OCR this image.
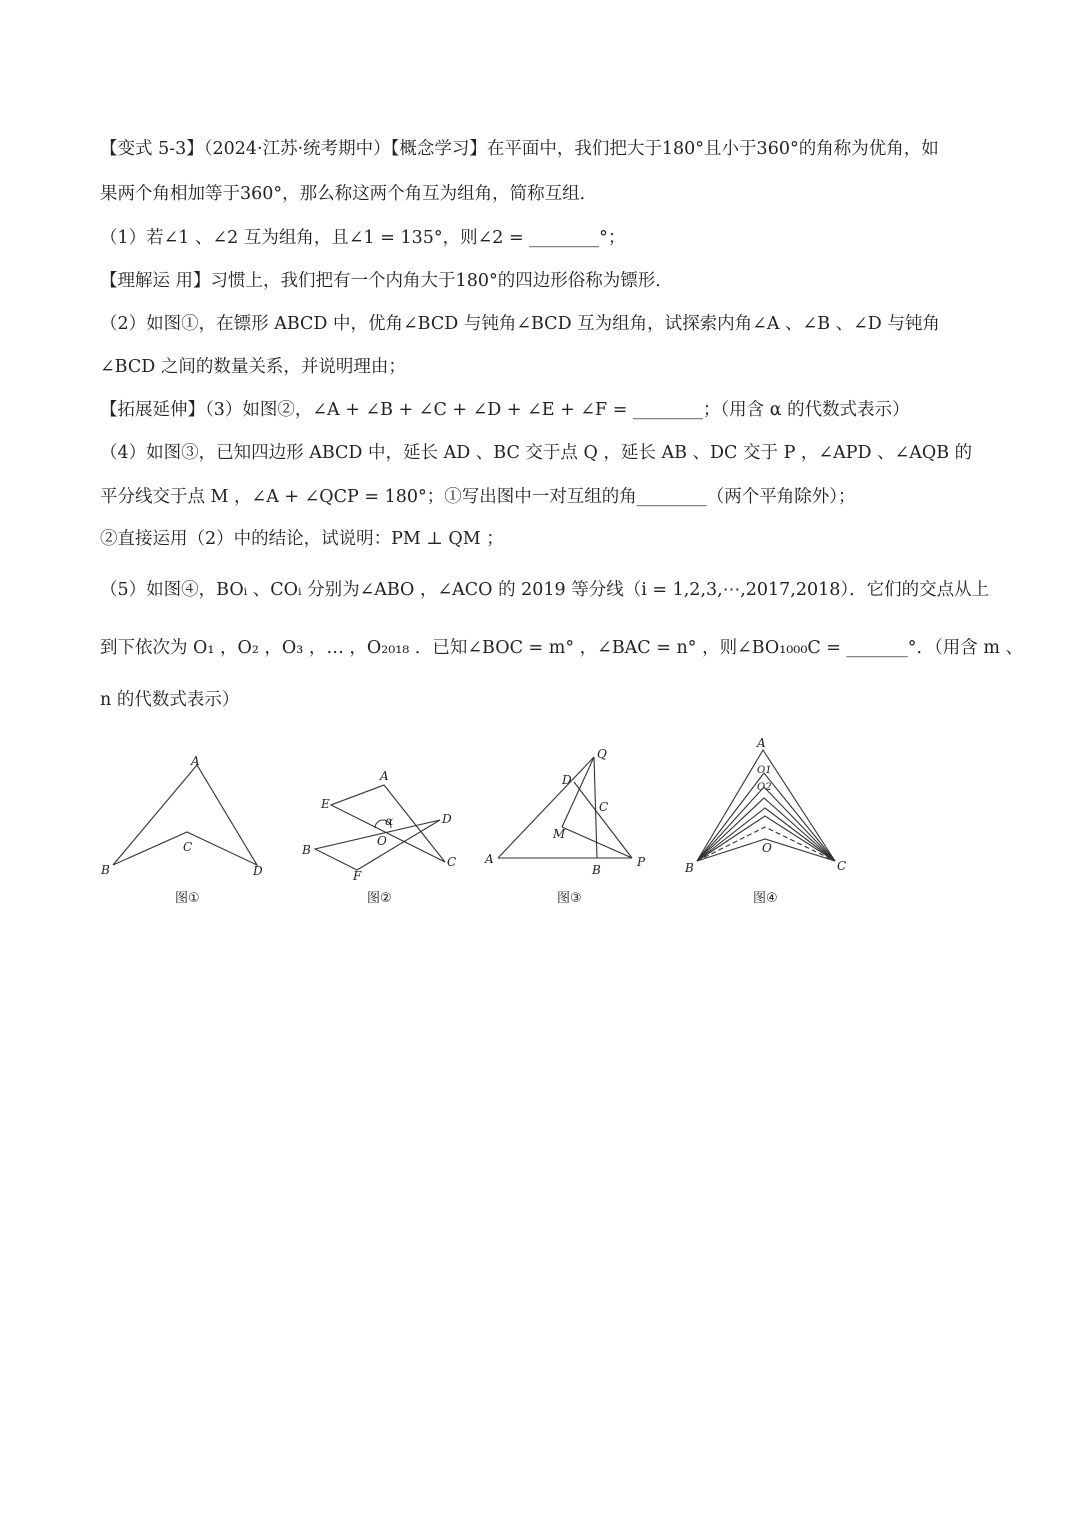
【变式 5-3】（2024·江苏·统考期中）【概念学习】在平面中，我们把大于180°且小于360°的角称为优角，如
果两个角相加等于360°，那么称这两个角互为组角，简称互组．
（1）若∠1 、∠2 互为组角，且∠1 = 135°，则∠2 = ________°；
【理解运 用】习惯上，我们把有一个内角大于180°的四边形俗称为镖形．
（2）如图①，在镖形 ABCD 中，优角∠BCD 与钝角∠BCD 互为组角，试探索内角∠A 、∠B 、∠D 与钝角
∠BCD 之间的数量关系，并说明理由；
【拓展延伸】（3）如图②，∠A + ∠B + ∠C + ∠D + ∠E + ∠F = ________；（用含 α 的代数式表示）
（4）如图③，已知四边形 ABCD 中，延长 AD 、BC 交于点 Q ，延长 AB 、DC 交于 P ，∠APD 、∠AQB 的
平分线交于点 M ，∠A + ∠QCP = 180°；①写出图中一对互组的角________（两个平角除外）；
②直接运用（2）中的结论，试说明：PM ⊥ QM ；
（5）如图④，BOᵢ 、COᵢ 分别为∠ABO ，∠ACO 的 2019 等分线（i = 1,2,3,⋯,2017,2018）．它们的交点从上
到下依次为 O₁ ，O₂ ，O₃ ，… ，O₂₀₁₈ ．已知∠BOC = m° ，∠BAC = n° ，则∠BO₁₀₀₀C = _______°．（用含 m 、
n 的代数式表示）
A
B
C
D
图①
A
B
C
D
E
F
O
α
图②
A
B
C
D
M
P
Q
图③
A
B	C
O
O1
O2
图④
